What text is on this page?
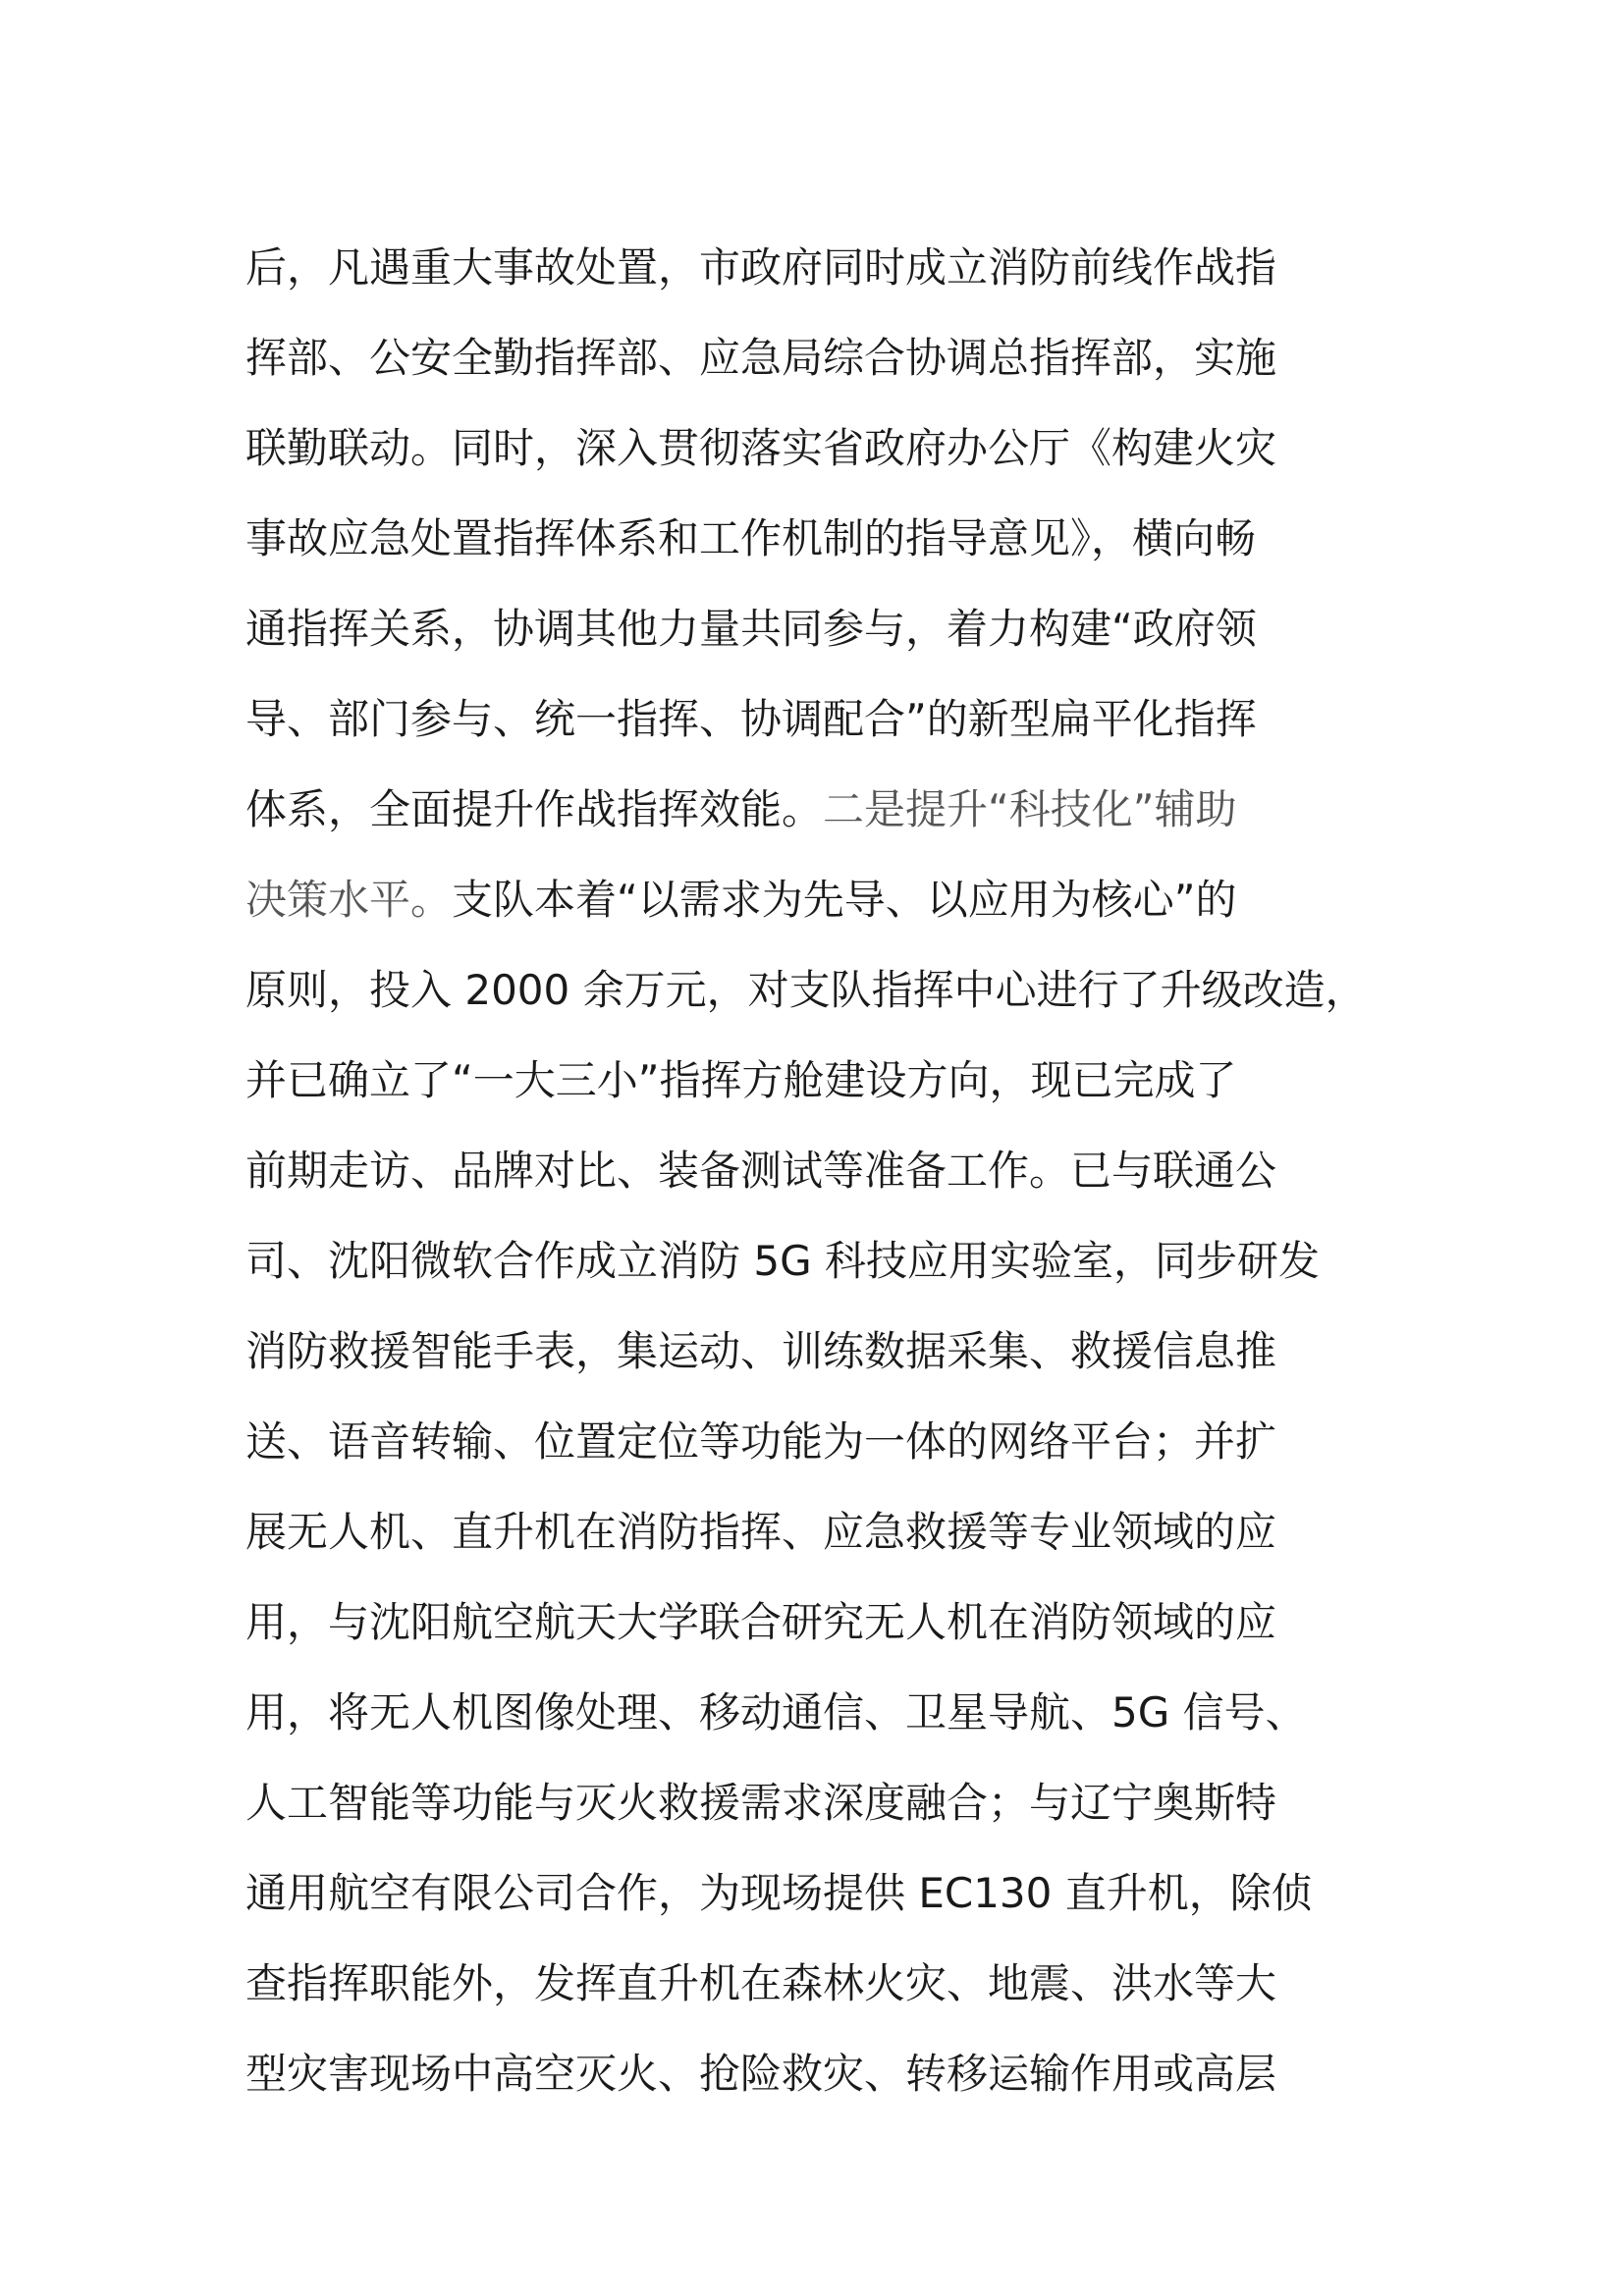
后，凡遇重大事故处置，市政府同时成立消防前线作战指
挥部、公安全勤指挥部、应急局综合协调总指挥部，实施
联勤联动。同时，深入贯彻落实省政府办公厅《构建火灾
事故应急处置指挥体系和工作机制的指导意见》，横向畅
通指挥关系，协调其他力量共同参与，着力构建“政府领
导、部门参与、统一指挥、协调配合”的新型扁平化指挥
体系，全面提升作战指挥效能。二是提升“科技化”辅助
决策水平。支队本着“以需求为先导、以应用为核心”的
原则，投入 2000 余万元，对支队指挥中心进行了升级改造，
并已确立了“一大三小”指挥方舱建设方向，现已完成了
前期走访、品牌对比、装备测试等准备工作。已与联通公
司、沈阳微软合作成立消防 5G 科技应用实验室，同步研发
消防救援智能手表，集运动、训练数据采集、救援信息推
送、语音转输、位置定位等功能为一体的网络平台；并扩
展无人机、直升机在消防指挥、应急救援等专业领域的应
用，与沈阳航空航天大学联合研究无人机在消防领域的应
用，将无人机图像处理、移动通信、卫星导航、5G 信号、
人工智能等功能与灭火救援需求深度融合；与辽宁奥斯特
通用航空有限公司合作，为现场提供 EC130 直升机，除侦
查指挥职能外，发挥直升机在森林火灾、地震、洪水等大
型灾害现场中高空灭火、抢险救灾、转移运输作用或高层
